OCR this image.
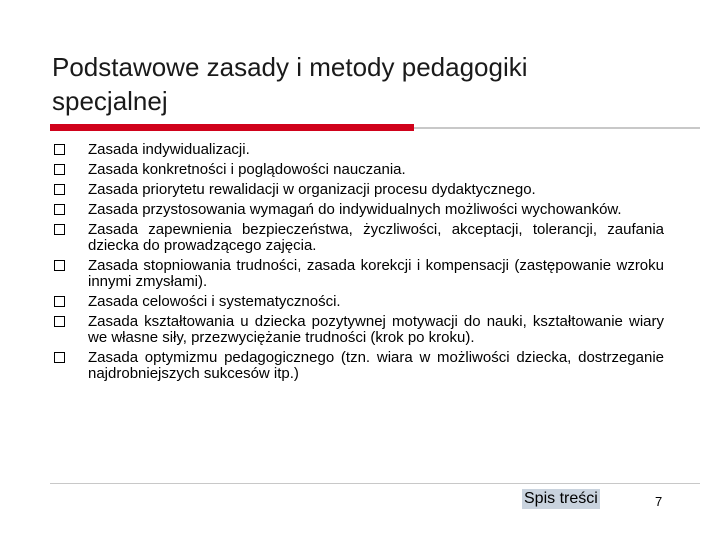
Podstawowe zasady i metody pedagogiki specjalnej
Zasada indywidualizacji.
Zasada konkretności i poglądowości nauczania.
Zasada priorytetu rewalidacji w organizacji procesu dydaktycznego.
Zasada przystosowania wymagań do indywidualnych możliwości wychowanków.
Zasada zapewnienia bezpieczeństwa, życzliwości, akceptacji, tolerancji, zaufania dziecka do prowadzącego zajęcia.
Zasada stopniowania trudności, zasada korekcji i kompensacji (zastępowanie wzroku innymi zmysłami).
Zasada celowości i systematyczności.
Zasada kształtowania u dziecka pozytywnej motywacji do nauki, kształtowanie wiary we własne siły, przezwyciężanie trudności (krok po kroku).
Zasada optymizmu pedagogicznego (tzn. wiara w możliwości dziecka, dostrzeganie najdrobniejszych sukcesów itp.)
Spis treści	7
